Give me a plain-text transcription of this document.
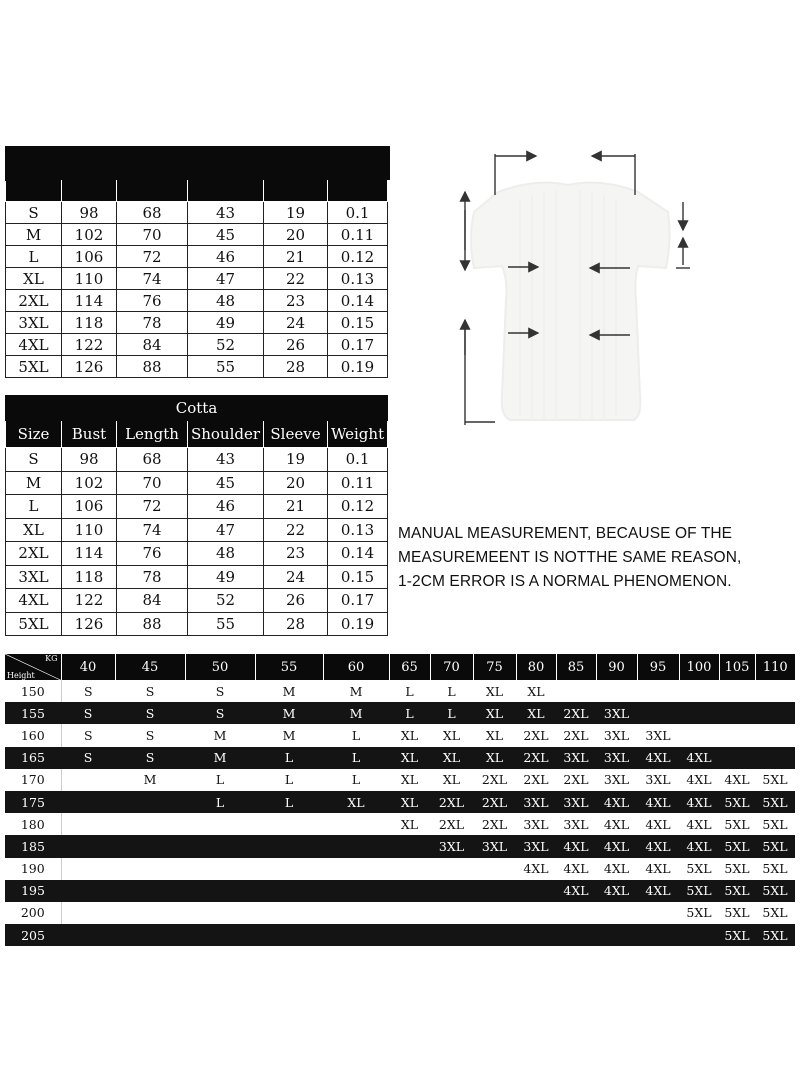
S	98	68	43	19	0.1
M	102	70	45	20	0.11
L	106	72	46	21	0.12
XL	110	74	47	22	0.13
2XL	114	76	48	23	0.14
3XL	118	78	49	24	0.15
4XL	122	84	52	26	0.17
5XL	126	88	55	28	0.19
Cotta					
Size	Bust	Length	Shoulder	Sleeve	Weight
S	98	68	43	19	0.1
M	102	70	45	20	0.11
L	106	72	46	21	0.12
XL	110	74	47	22	0.13
2XL	114	76	48	23	0.14
3XL	118	78	49	24	0.15
4XL	122	84	52	26	0.17
5XL	126	88	55	28	0.19
MANUAL MEASUREMENT, BECAUSE OF THE
MEASUREMEENT IS NOTTHE SAME REASON,
1-2CM ERROR IS A NORMAL PHENOMENON.
KG
Height	40	45	50	55	60	65	70	75	80	85	90	95	100	105	110
150	S	S	S	M	M	L	L	XL	XL						
155	S	S	S	M	M	L	L	XL	XL	2XL	3XL				
160	S	S	M	M	L	XL	XL	XL	2XL	2XL	3XL	3XL			
165	S	S	M	L	L	XL	XL	XL	2XL	3XL	3XL	4XL	4XL		
170		M	L	L	L	XL	XL	2XL	2XL	2XL	3XL	3XL	4XL	4XL	5XL
175			L	L	XL	XL	2XL	2XL	3XL	3XL	4XL	4XL	4XL	5XL	5XL
180						XL	2XL	2XL	3XL	3XL	4XL	4XL	4XL	5XL	5XL
185							3XL	3XL	3XL	4XL	4XL	4XL	4XL	5XL	5XL
190									4XL	4XL	4XL	4XL	5XL	5XL	5XL
195										4XL	4XL	4XL	5XL	5XL	5XL
200													5XL	5XL	5XL
205														5XL	5XL
